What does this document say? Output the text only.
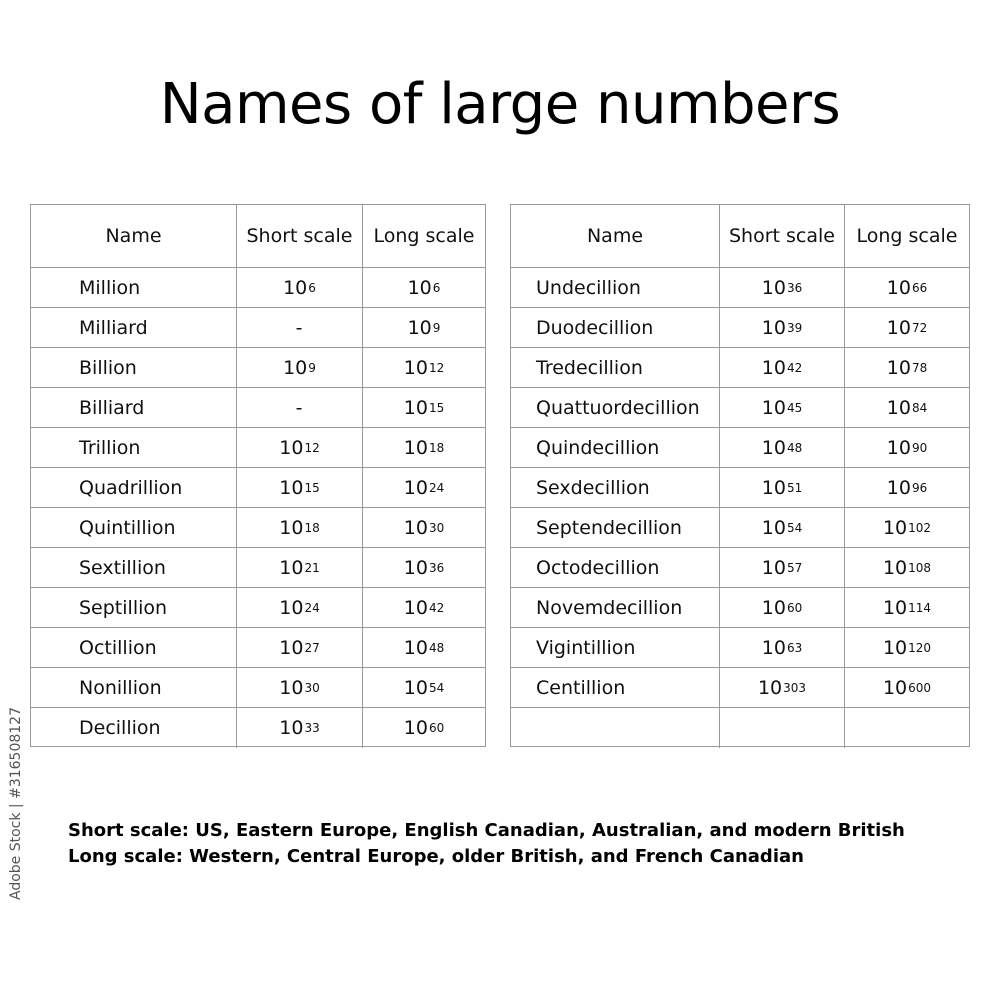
Names of large numbers
Name	Short scale	Long scale
Million	10 6	10 6
Milliard	-	10 9
Billion	10 9	10 12
Billiard	-	10 15
Trillion	10 12	10 18
Quadrillion	10 15	10 24
Quintillion	10 18	10 30
Sextillion	10 21	10 36
Septillion	10 24	10 42
Octillion	10 27	10 48
Nonillion	10 30	10 54
Decillion	10 33	10 60
Name	Short scale	Long scale
Undecillion	10 36	10 66
Duodecillion	10 39	10 72
Tredecillion	10 42	10 78
Quattuordecillion	10 45	10 84
Quindecillion	10 48	10 90
Sexdecillion	10 51	10 96
Septendecillion	10 54	10 102
Octodecillion	10 57	10 108
Novemdecillion	10 60	10 114
Vigintillion	10 63	10 120
Centillion	10 303	10 600
Short scale: US, Eastern Europe, English Canadian, Australian, and modern British
Long scale: Western, Central Europe, older British, and French Canadian
Adobe Stock | #316508127
